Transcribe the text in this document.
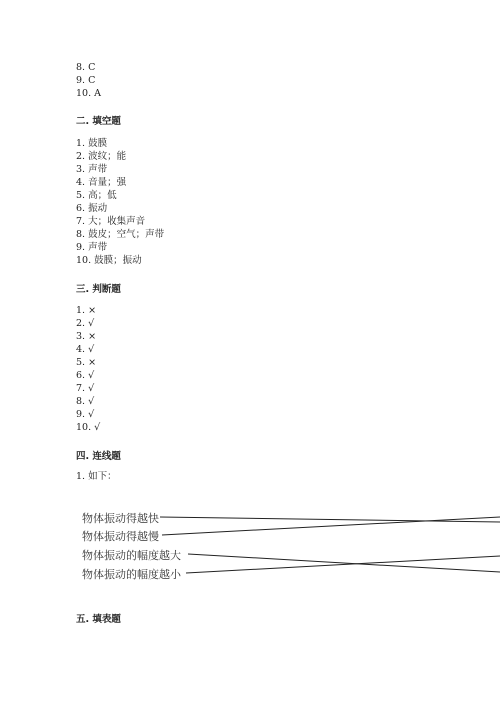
8. C
9. C
10. A
二. 填空题
1. 鼓膜
2. 波纹；能
3. 声带
4. 音量；强
5. 高；低
6. 振动
7. 大；收集声音
8. 鼓皮；空气；声带
9. 声带
10. 鼓膜；振动
三. 判断题
1. ×
2. √
3. ×
4. √
5. ×
6. √
7. √
8. √
9. √
10. √
四. 连线题
1. 如下：
物体振动得越快
物体振动得越慢
物体振动的幅度越大
物体振动的幅度越小
五. 填表题
